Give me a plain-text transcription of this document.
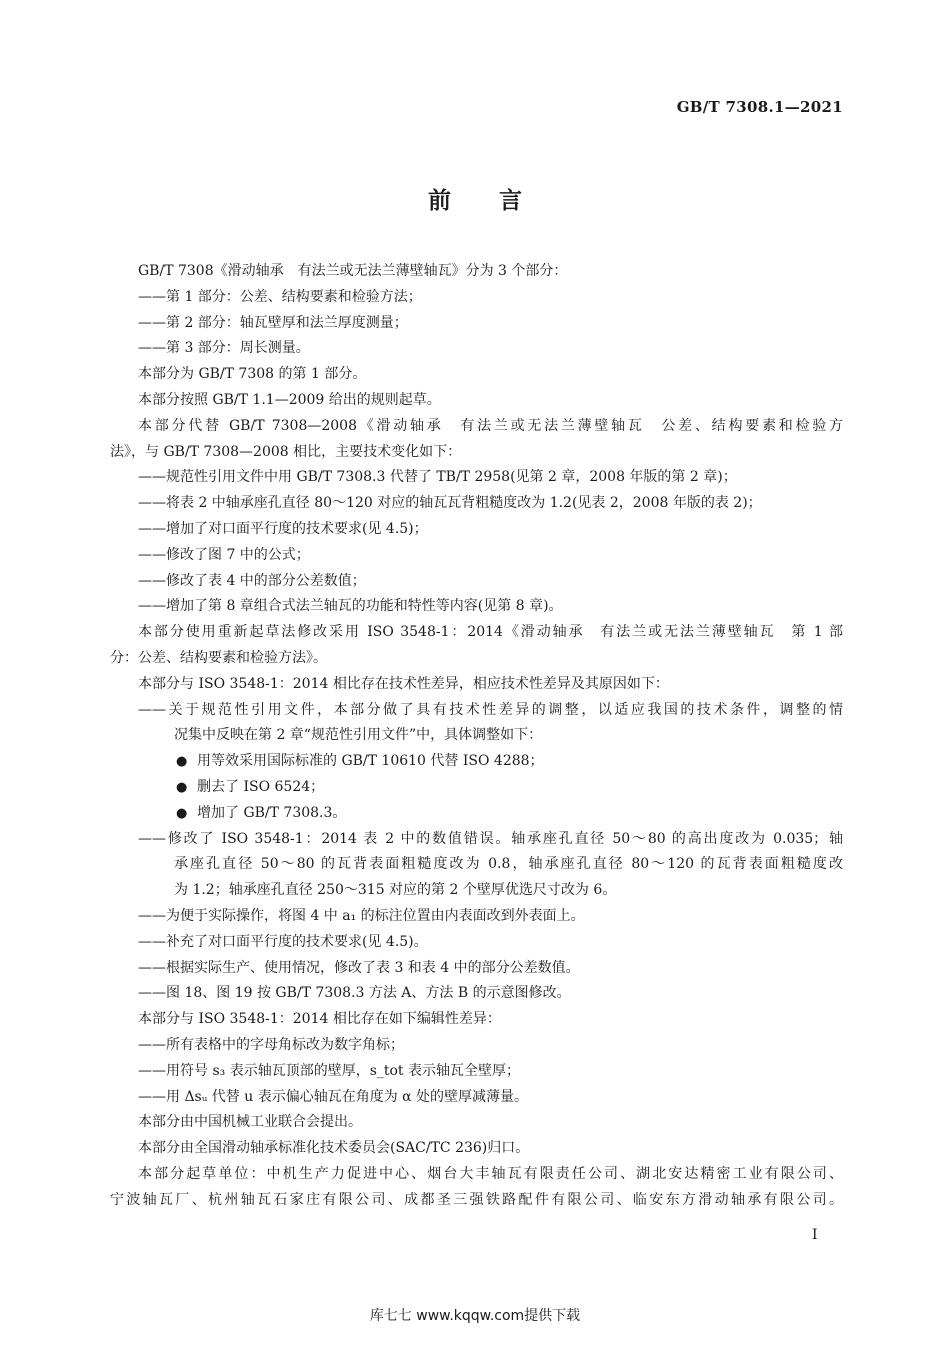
GB/T 7308.1—2021
前言
GB/T 7308《滑动轴承　有法兰或无法兰薄壁轴瓦》分为 3 个部分：
——第 1 部分：公差、结构要素和检验方法；
——第 2 部分：轴瓦壁厚和法兰厚度测量；
——第 3 部分：周长测量。
本部分为 GB/T 7308 的第 1 部分。
本部分按照 GB/T 1.1—2009 给出的规则起草。
本部分代替 GB/T 7308—2008《滑动轴承　有法兰或无法兰薄壁轴瓦　公差、结构要素和检验方
法》，与 GB/T 7308—2008 相比，主要技术变化如下：
——规范性引用文件中用 GB/T 7308.3 代替了 TB/T 2958(见第 2 章，2008 年版的第 2 章)；
——将表 2 中轴承座孔直径 80～120 对应的轴瓦瓦背粗糙度改为 1.2(见表 2，2008 年版的表 2)；
——增加了对口面平行度的技术要求(见 4.5)；
——修改了图 7 中的公式；
——修改了表 4 中的部分公差数值；
——增加了第 8 章组合式法兰轴瓦的功能和特性等内容(见第 8 章)。
本部分使用重新起草法修改采用 ISO 3548-1：2014《滑动轴承　有法兰或无法兰薄壁轴瓦　第 1 部
分：公差、结构要素和检验方法》。
本部分与 ISO 3548-1：2014 相比存在技术性差异，相应技术性差异及其原因如下：
——关于规范性引用文件，本部分做了具有技术性差异的调整，以适应我国的技术条件，调整的情
况集中反映在第 2 章“规范性引用文件”中，具体调整如下：
● 用等效采用国际标准的 GB/T 10610 代替 ISO 4288；
● 删去了 ISO 6524；
● 增加了 GB/T 7308.3。
——修改了 ISO 3548-1：2014 表 2 中的数值错误。轴承座孔直径 50～80 的高出度改为 0.035；轴
承座孔直径 50～80 的瓦背表面粗糙度改为 0.8，轴承座孔直径 80～120 的瓦背表面粗糙度改
为 1.2；轴承座孔直径 250～315 对应的第 2 个壁厚优选尺寸改为 6。
——为便于实际操作，将图 4 中 a₁ 的标注位置由内表面改到外表面上。
——补充了对口面平行度的技术要求(见 4.5)。
——根据实际生产、使用情况，修改了表 3 和表 4 中的部分公差数值。
——图 18、图 19 按 GB/T 7308.3 方法 A、方法 B 的示意图修改。
本部分与 ISO 3548-1：2014 相比存在如下编辑性差异：
——所有表格中的字母角标改为数字角标；
——用符号 s₃ 表示轴瓦顶部的壁厚，s_tot 表示轴瓦全壁厚；
——用 Δsᵤ 代替 u 表示偏心轴瓦在角度为 α 处的壁厚减薄量。
本部分由中国机械工业联合会提出。
本部分由全国滑动轴承标准化技术委员会(SAC/TC 236)归口。
本部分起草单位：中机生产力促进中心、烟台大丰轴瓦有限责任公司、湖北安达精密工业有限公司、
宁波轴瓦厂、杭州轴瓦石家庄有限公司、成都圣三强铁路配件有限公司、临安东方滑动轴承有限公司。
I
库七七 www.kqqw.com提供下载
